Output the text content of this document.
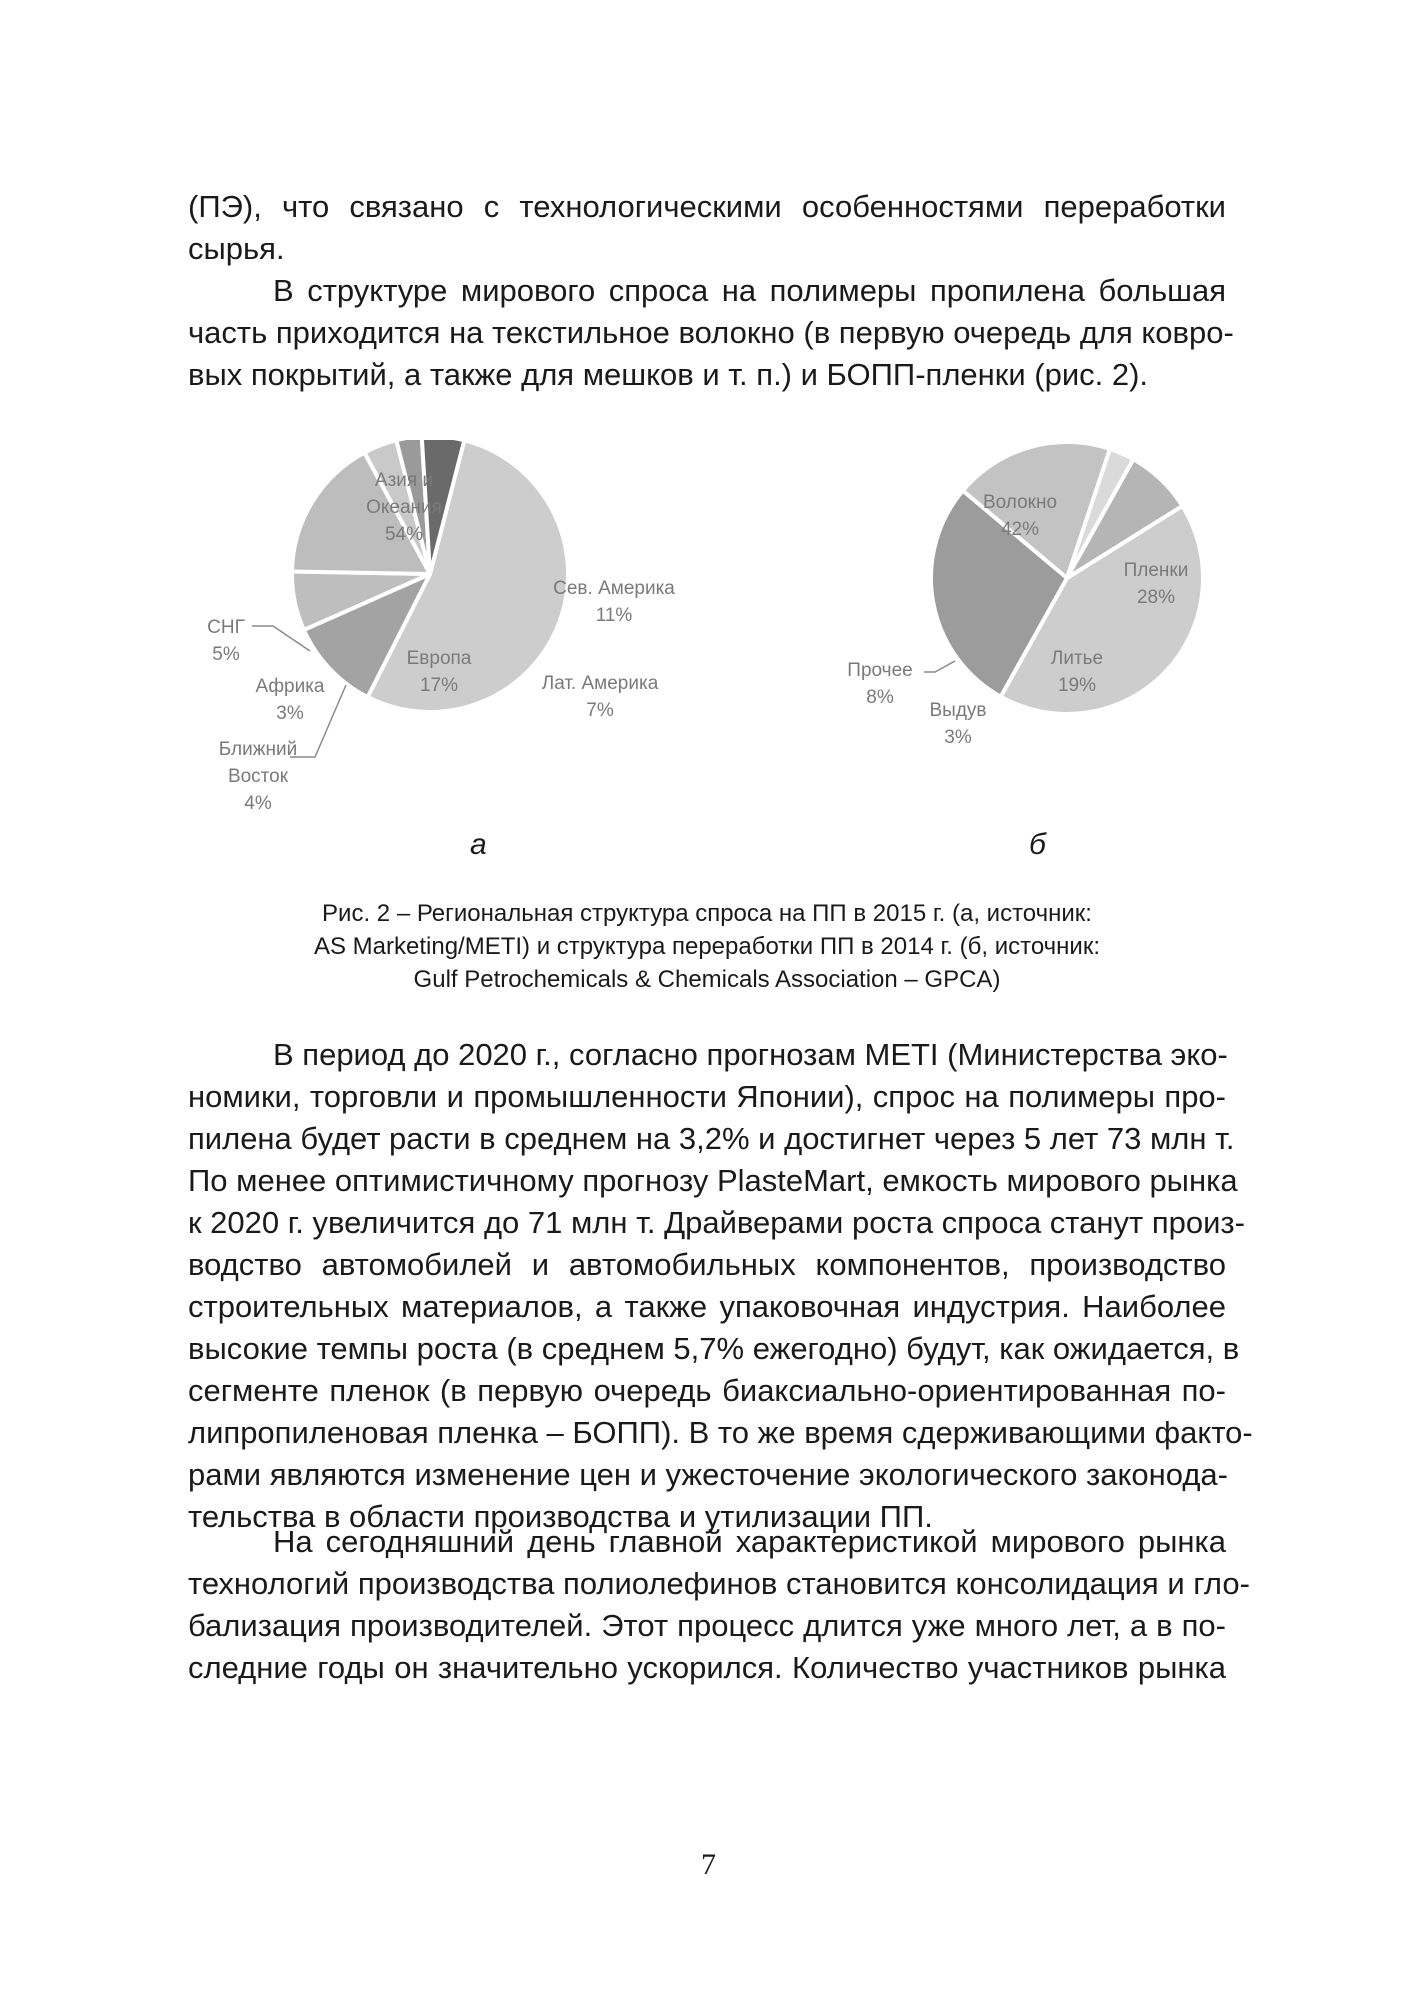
(ПЭ), что связано с технологическими особенностями переработки
сырья.
В структуре мирового спроса на полимеры пропилена большая
часть приходится на текстильное волокно (в первую очередь для ковро-
вых покрытий, а также для мешков и т. п.) и БОПП-пленки (рис. 2).
Азия и Океания 54%
Сев. Америка 11%
Лат. Америка 7%
Европа 17%
Ближний Восток 4%
Африка 3%
СНГ 5%
Волокно 42%
Пленки 28%
Литье 19%
Выдув 3%
Прочее 8%
а	б
Рис. 2 – Региональная структура спроса на ПП в 2015 г. (а, источник:
AS Marketing/METI) и структура переработки ПП в 2014 г. (б, источник:
Gulf Petrochemicals & Chemicals Association – GPCA)
В период до 2020 г., согласно прогнозам METI (Министерства эко-
номики, торговли и промышленности Японии), спрос на полимеры про-
пилена будет расти в среднем на 3,2% и достигнет через 5 лет 73 млн т.
По менее оптимистичному прогнозу PlasteMart, емкость мирового рынка
к 2020 г. увеличится до 71 млн т. Драйверами роста спроса станут произ-
водство автомобилей и автомобильных компонентов, производство
строительных материалов, а также упаковочная индустрия. Наиболее
высокие темпы роста (в среднем 5,7% ежегодно) будут, как ожидается, в
сегменте пленок (в первую очередь биаксиально-ориентированная по-
липропиленовая пленка – БОПП). В то же время сдерживающими факто-
рами являются изменение цен и ужесточение экологического законода-
тельства в области производства и утилизации ПП.
На сегодняшний день главной характеристикой мирового рынка
технологий производства полиолефинов становится консолидация и гло-
бализация производителей. Этот процесс длится уже много лет, а в по-
следние годы он значительно ускорился. Количество участников рынка
7
